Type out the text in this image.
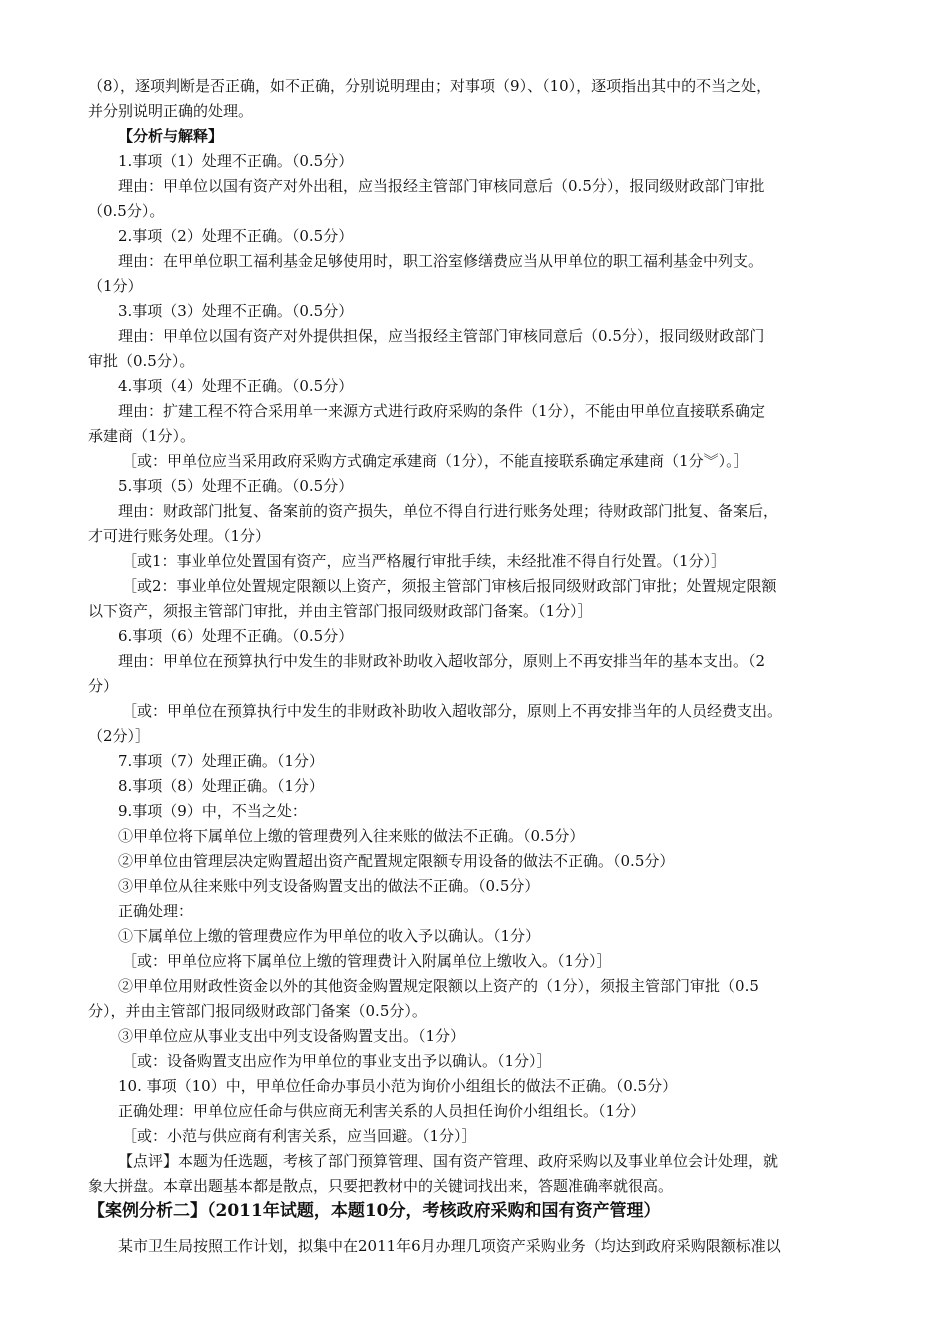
（8），逐项判断是否正确，如不正确，分别说明理由；对事项（9）、（10），逐项指出其中的不当之处，
并分别说明正确的处理。
【分析与解释】
1.事项（1）处理不正确。（0.5分）
理由：甲单位以国有资产对外出租，应当报经主管部门审核同意后（0.5分），报同级财政部门审批
（0.5分）。
2.事项（2）处理不正确。（0.5分）
理由：在甲单位职工福利基金足够使用时，职工浴室修缮费应当从甲单位的职工福利基金中列支。
（1分）
3.事项（3）处理不正确。（0.5分）
理由：甲单位以国有资产对外提供担保，应当报经主管部门审核同意后（0.5分），报同级财政部门
审批（0.5分）。
4.事项（4）处理不正确。（0.5分）
理由：扩建工程不符合采用单一来源方式进行政府采购的条件（1分），不能由甲单位直接联系确定
承建商（1分）。
［或：甲单位应当采用政府采购方式确定承建商（1分），不能直接联系确定承建商（1分︾）。］
5.事项（5）处理不正确。（0.5分）
理由：财政部门批复、备案前的资产损失，单位不得自行进行账务处理；待财政部门批复、备案后，
才可进行账务处理。（1分）
［或1：事业单位处置国有资产，应当严格履行审批手续，未经批准不得自行处置。（1分）］
［或2：事业单位处置规定限额以上资产，须报主管部门审核后报同级财政部门审批；处置规定限额
以下资产，须报主管部门审批，并由主管部门报同级财政部门备案。（1分）］
6.事项（6）处理不正确。（0.5分）
理由：甲单位在预算执行中发生的非财政补助收入超收部分，原则上不再安排当年的基本支出。（2
分）
［或：甲单位在预算执行中发生的非财政补助收入超收部分，原则上不再安排当年的人员经费支出。
（2分）］
7.事项（7）处理正确。（1分）
8.事项（8）处理正确。（1分）
9.事项（9）中，不当之处：
①甲单位将下属单位上缴的管理费列入往来账的做法不正确。（0.5分）
②甲单位由管理层决定购置超出资产配置规定限额专用设备的做法不正确。（0.5分）
③甲单位从往来账中列支设备购置支出的做法不正确。（0.5分）
正确处理：
①下属单位上缴的管理费应作为甲单位的收入予以确认。（1分）
［或：甲单位应将下属单位上缴的管理费计入附属单位上缴收入。（1分）］
②甲单位用财政性资金以外的其他资金购置规定限额以上资产的（1分），须报主管部门审批（0.5
分），并由主管部门报同级财政部门备案（0.5分）。
③甲单位应从事业支出中列支设备购置支出。（1分）
［或：设备购置支出应作为甲单位的事业支出予以确认。（1分）］
10. 事项（10）中，甲单位任命办事员小范为询价小组组长的做法不正确。（0.5分）
正确处理：甲单位应任命与供应商无利害关系的人员担任询价小组组长。（1分）
［或：小范与供应商有利害关系，应当回避。（1分）］
【点评】本题为任选题，考核了部门预算管理、国有资产管理、政府采购以及事业单位会计处理，就
象大拼盘。本章出题基本都是散点，只要把教材中的关键词找出来，答题准确率就很高。
【案例分析二】（2011年试题，本题10分，考核政府采购和国有资产管理）
某市卫生局按照工作计划，拟集中在2011年6月办理几项资产采购业务（均达到政府采购限额标准以
